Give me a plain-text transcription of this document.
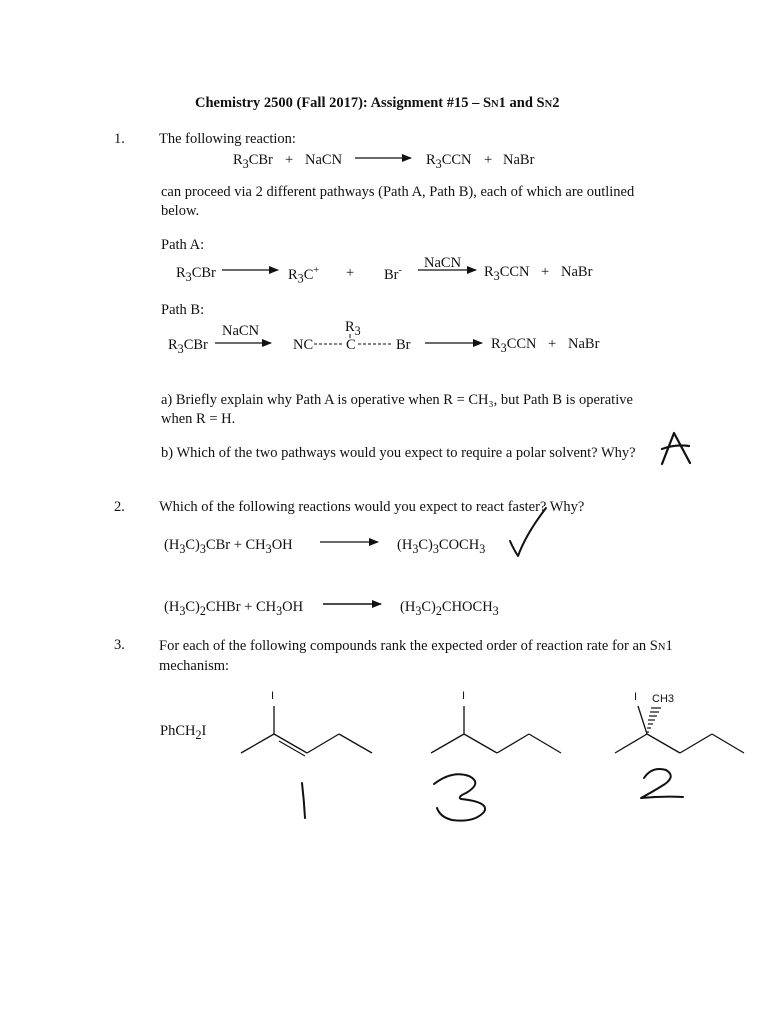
Chemistry 2500 (Fall 2017): Assignment #15 – SN1 and SN2
1. The following reaction:
$R_3CBr$ + NaCN	$R_3CCN$ + NaBr
can proceed via 2 different pathways (Path A, Path B), each of which are outlined below.
Path A:
$R_3CBr$	$R_3C^+ + Br^-$ NaCN
$R_3CCN$ + NaBr
Path B:
$R_3CBr$
NaCN	$R_3$
NC C	Br	$R_3CCN$ + NaBr
a) Briefly explain why Path A is operative when R = CH₃, but Path B is operative when R = H.
b) Which of the two pathways would you expect to require a polar solvent? Why?
2. Which of the following reactions would you expect to react faster? Why?
$(H_3C)_3CBr + CH_3OH$	$(H_3C)_3COCH_3$
$(H_3C)_2CHBr + CH_3OH$	$(H_3C)_2CHOCH_3$
3. For each of the following compounds rank the expected order of reaction rate for an SN1 mechanism:
PhCH$_2$I
I	I	I CH3
